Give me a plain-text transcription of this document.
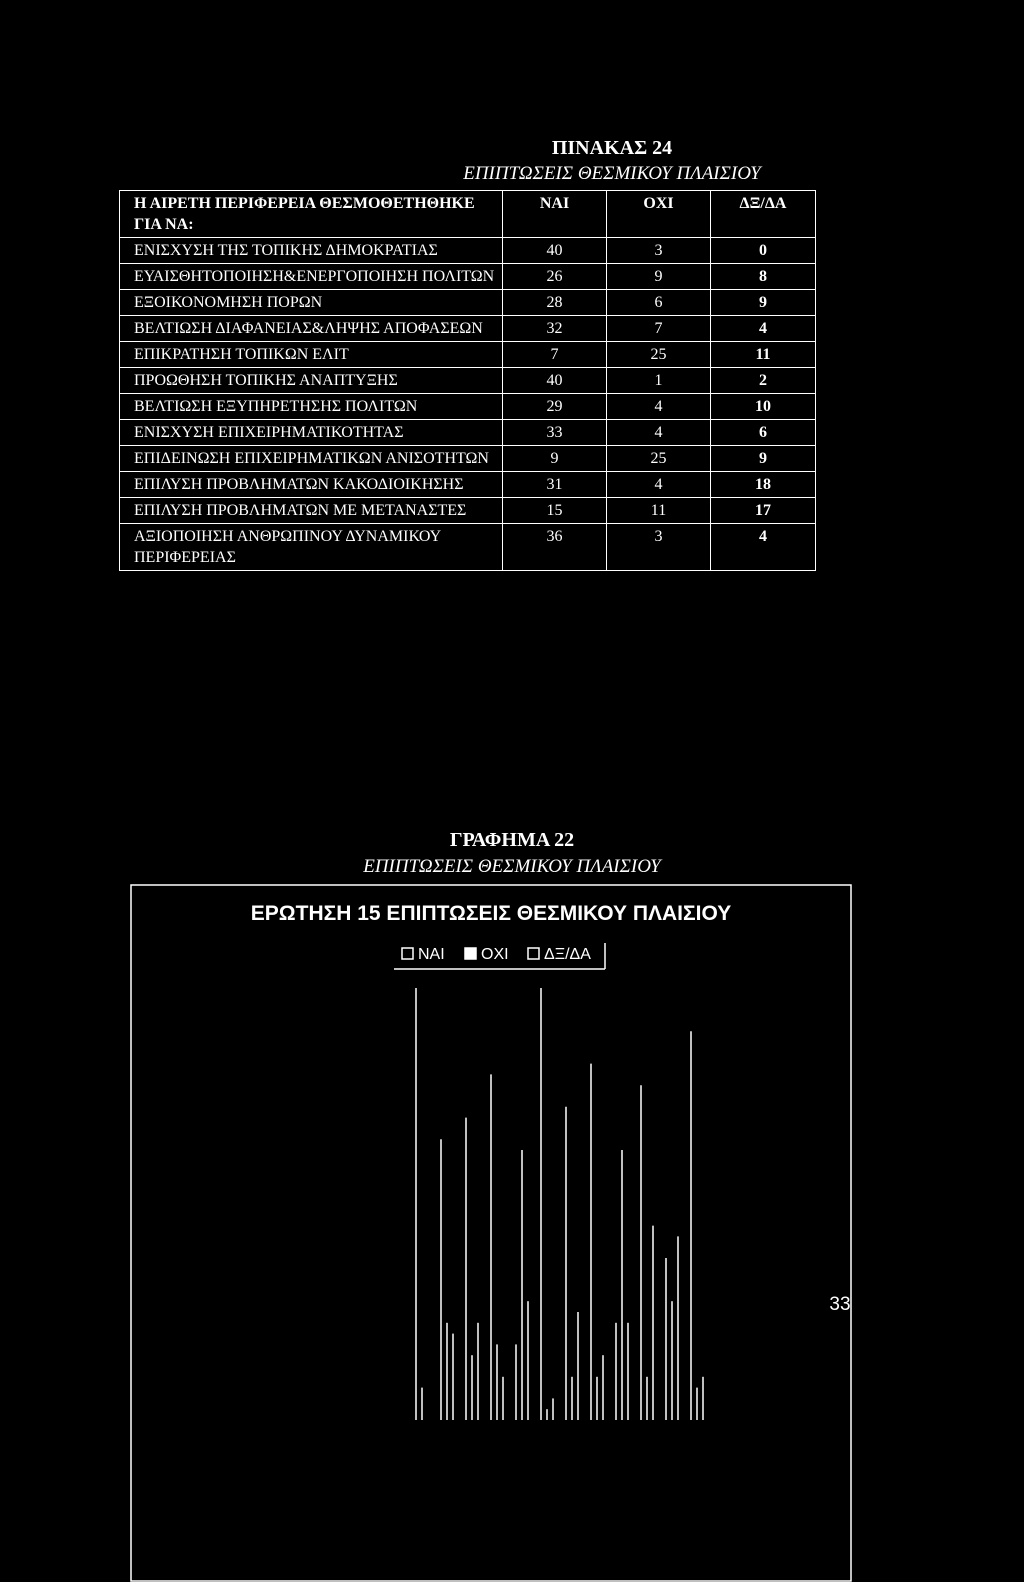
ΠΙΝΑΚΑΣ 24
ΕΠΙΠΤΩΣΕΙΣ ΘΕΣΜΙΚΟΥ ΠΛΑΙΣΙΟΥ
Η ΑΙΡΕΤΗ ΠΕΡΙΦΕΡΕΙΑ ΘΕΣΜΟΘΕΤΗΘΗΚΕ ΓΙΑ ΝΑ:	ΝΑΙ	ΟΧΙ	ΔΞ/ΔΑ
ΕΝΙΣΧΥΣΗ ΤΗΣ ΤΟΠΙΚΗΣ ΔΗΜΟΚΡΑΤΙΑΣ	40	3	0
ΕΥΑΙΣΘΗΤΟΠΟΙΗΣΗ&ΕΝΕΡΓΟΠΟΙΗΣΗ ΠΟΛΙΤΩΝ	26	9	8
ΕΞΟΙΚΟΝΟΜΗΣΗ ΠΟΡΩΝ	28	6	9
ΒΕΛΤΙΩΣΗ ΔΙΑΦΑΝΕΙΑΣ&ΛΗΨΗΣ ΑΠΟΦΑΣΕΩΝ	32	7	4
ΕΠΙΚΡΑΤΗΣΗ ΤΟΠΙΚΩΝ ΕΛΙΤ	7	25	11
ΠΡΟΩΘΗΣΗ ΤΟΠΙΚΗΣ ΑΝΑΠΤΥΞΗΣ	40	1	2
ΒΕΛΤΙΩΣΗ ΕΞΥΠΗΡΕΤΗΣΗΣ ΠΟΛΙΤΩΝ	29	4	10
ΕΝΙΣΧΥΣΗ ΕΠΙΧΕΙΡΗΜΑΤΙΚΟΤΗΤΑΣ	33	4	6
ΕΠΙΔΕΙΝΩΣΗ ΕΠΙΧΕΙΡΗΜΑΤΙΚΩΝ ΑΝΙΣΟΤΗΤΩΝ	9	25	9
ΕΠΙΛΥΣΗ ΠΡΟΒΛΗΜΑΤΩΝ ΚΑΚΟΔΙΟΙΚΗΣΗΣ	31	4	18
ΕΠΙΛΥΣΗ ΠΡΟΒΛΗΜΑΤΩΝ ΜΕ ΜΕΤΑΝΑΣΤΕΣ	15	11	17
ΑΞΙΟΠΟΙΗΣΗ ΑΝΘΡΩΠΙΝΟΥ ΔΥΝΑΜΙΚΟΥ ΠΕΡΙΦΕΡΕΙΑΣ	36	3	4
ΓΡΑΦΗΜΑ 22
ΕΠΙΠΤΩΣΕΙΣ ΘΕΣΜΙΚΟΥ ΠΛΑΙΣΙΟΥ
ΕΡΩΤΗΣΗ 15 ΕΠΙΠΤΩΣΕΙΣ ΘΕΣΜΙΚΟΥ ΠΛΑΙΣΙΟΥ
ΝΑΙ ΟΧΙ ΔΞ/ΔΑ
33
